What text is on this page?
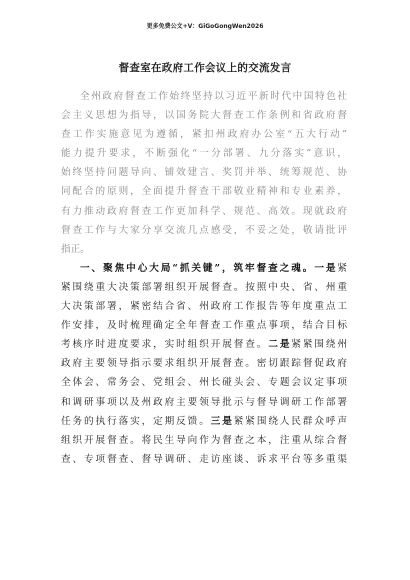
更多免费公文+V：GiGoGongWen2026
督查室在政府工作会议上的交流发言
全州政府督查工作始终坚持以习近平新时代中国特色社
会主义思想为指导，以国务院大督查工作条例和省政府督
查工作实施意见为遵循，紧扣州政府办公室“五大行动”
能力提升要求，不断强化“一分部署、九分落实”意识，
始终坚持问题导向、铺效建言、奖罚并举、统筹规范、协
同配合的原则，全面提升督查干部敬业精神和专业素养，
有力推动政府督查工作更加科学、规范、高效。现就政府
督查工作与大家分享交流几点感受，不妥之处，敬请批评
指正。
一、聚焦中心大局“抓关键”，筑牢督查之魂。一是紧
紧围绕重大决策部署组织开展督查。按照中央、省、州重
大决策部署，紧密结合省、州政府工作报告等年度重点工
作安排，及时梳理确定全年督查工作重点事项，结合目标
考核序时进度要求，实时组织开展督查。二是紧紧围绕州
政府主要领导指示要求组织开展督查。密切跟踪督促政府
全体会、常务会、党组会、州长碰头会、专题会议定事项
和调研事项以及州政府主要领导批示与督导调研工作部署
任务的执行落实，定期反馈。三是紧紧围绕人民群众呼声
组织开展督查。将民生导向作为督查之本，注重从综合督
查、专项督查、督导调研、走访座谈、诉求平台等多重渠
